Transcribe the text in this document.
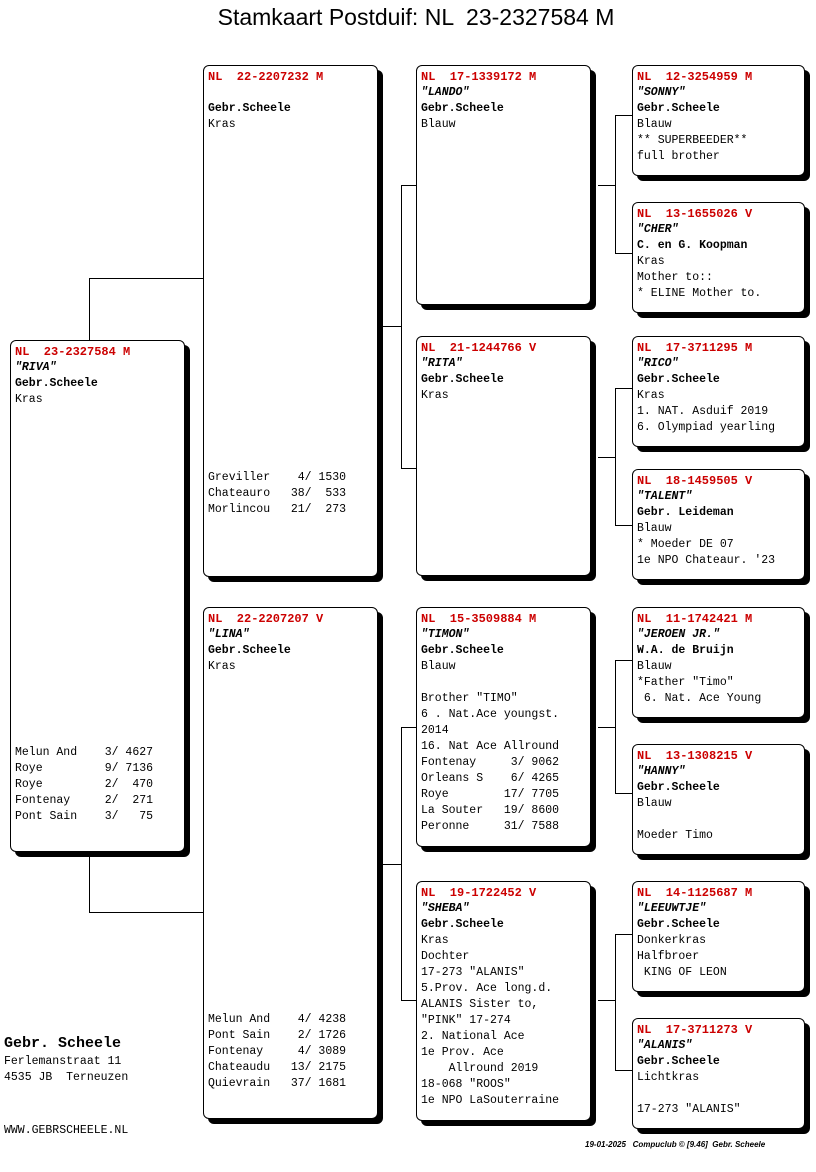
Stamkaart Postduif: NL  23-2327584 M
NL  23-2327584 M
"RIVA"
Gebr.Scheele
Kras
Melun And    3/ 4627
Roye         9/ 7136
Roye         2/  470
Fontenay     2/  271
Pont Sain    3/   75
NL  22-2207232 M

Gebr.Scheele
Kras
Greviller    4/ 1530
Chateauro   38/  533
Morlincou   21/  273
NL  22-2207207 V
"LINA"
Gebr.Scheele
Kras
Melun And    4/ 4238
Pont Sain    2/ 1726
Fontenay     4/ 3089
Chateaudu   13/ 2175
Quievrain   37/ 1681
NL  17-1339172 M
"LANDO"
Gebr.Scheele
Blauw
NL  21-1244766 V
"RITA"
Gebr.Scheele
Kras
NL  15-3509884 M
"TIMON"
Gebr.Scheele
Blauw

Brother "TIMO"
6 . Nat.Ace youngst.
2014
16. Nat Ace Allround
Fontenay     3/ 9062
Orleans S    6/ 4265
Roye        17/ 7705
La Souter   19/ 8600
Peronne     31/ 7588
NL  19-1722452 V
"SHEBA"
Gebr.Scheele
Kras
Dochter
17-273 "ALANIS"
5.Prov. Ace long.d.
ALANIS Sister to,
"PINK" 17-274
2. National Ace
1e Prov. Ace
Allround 2019
18-068 "ROOS"
1e NPO LaSouterraine
NL  12-3254959 M
"SONNY"
Gebr.Scheele
Blauw
** SUPERBEEDER**
full brother
NL  13-1655026 V
"CHER"
C. en G. Koopman
Kras
Mother to::
* ELINE Mother to.
NL  17-3711295 M
"RICO"
Gebr.Scheele
Kras
1. NAT. Asduif 2019
6. Olympiad yearling
NL  18-1459505 V
"TALENT"
Gebr. Leideman
Blauw
* Moeder DE 07
1e NPO Chateaur. '23
NL  11-1742421 M
"JEROEN JR."
W.A. de Bruijn
Blauw
*Father "Timo"
6. Nat. Ace Young
NL  13-1308215 V
"HANNY"
Gebr.Scheele
Blauw

Moeder Timo
NL  14-1125687 M
"LEEUWTJE"
Gebr.Scheele
Donkerkras
Halfbroer
KING OF LEON
NL  17-3711273 V
"ALANIS"
Gebr.Scheele
Lichtkras

17-273 "ALANIS"
Gebr. Scheele
Ferlemanstraat 11
4535 JB  Terneuzen
WWW.GEBRSCHEELE.NL
19-01-2025   Compuclub © [9.46]  Gebr. Scheele
